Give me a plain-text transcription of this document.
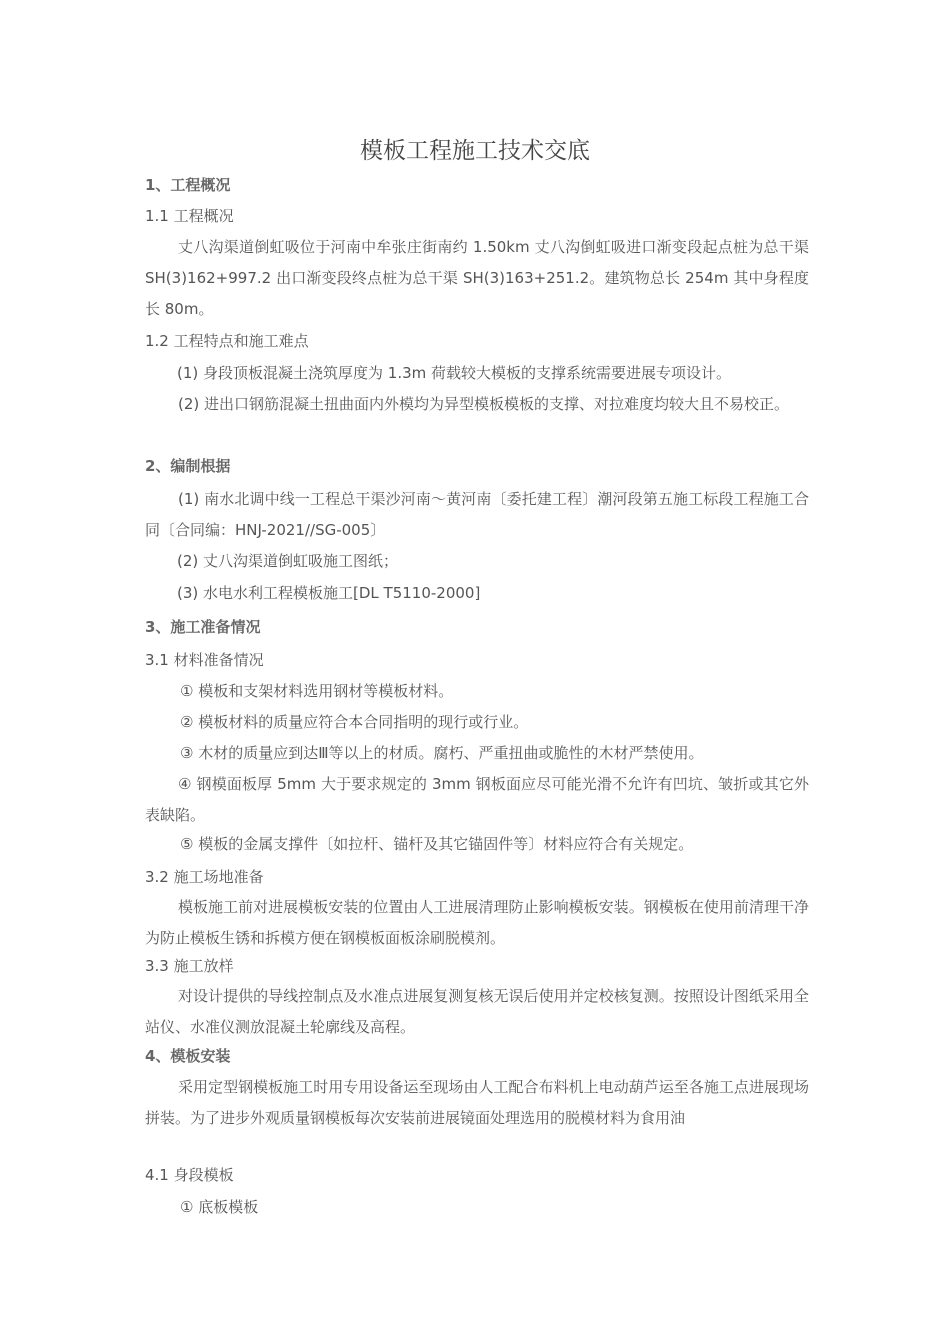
模板工程施工技术交底
1、工程概况
1.1 工程概况
丈八沟渠道倒虹吸位于河南中牟张庄街南约 1.50km 丈八沟倒虹吸进口渐变段起点桩为总干渠 SH(3)162+997.2 出口渐变段终点桩为总干渠 SH(3)163+251.2。建筑物总长 254m 其中身程度长 80m。
1.2 工程特点和施工难点
(1) 身段顶板混凝土浇筑厚度为 1.3m 荷载较大模板的支撑系统需要进展专项设计。
(2) 进出口钢筋混凝土扭曲面内外模均为异型模板模板的支撑、对拉难度均较大且不易校正。
2、编制根据
(1) 南水北调中线一工程总干渠沙河南～黄河南〔委托建工程〕潮河段第五施工标段工程施工合同〔合同编：HNJ-2021//SG-005〕
(2) 丈八沟渠道倒虹吸施工图纸；
(3) 水电水利工程模板施工[DL T5110-2000]
3、施工准备情况
3.1 材料准备情况
① 模板和支架材料选用钢材等模板材料。
② 模板材料的质量应符合本合同指明的现行或行业。
③ 木材的质量应到达Ⅲ等以上的材质。腐朽、严重扭曲或脆性的木材严禁使用。
④ 钢模面板厚 5mm 大于要求规定的 3mm 钢板面应尽可能光滑不允许有凹坑、皱折或其它外表缺陷。
⑤ 模板的金属支撑件〔如拉杆、锚杆及其它锚固件等〕材料应符合有关规定。
3.2 施工场地准备
模板施工前对进展模板安装的位置由人工进展清理防止影响模板安装。钢模板在使用前清理干净为防止模板生锈和拆模方便在钢模板面板涂刷脱模剂。
3.3 施工放样
对设计提供的导线控制点及水准点进展复测复核无误后使用并定校核复测。按照设计图纸采用全站仪、水准仪测放混凝土轮廓线及高程。
4、模板安装
采用定型钢模板施工时用专用设备运至现场由人工配合布料机上电动葫芦运至各施工点进展现场拼装。为了进步外观质量钢模板每次安装前进展镜面处理选用的脱模材料为食用油
4.1 身段模板
① 底板模板
